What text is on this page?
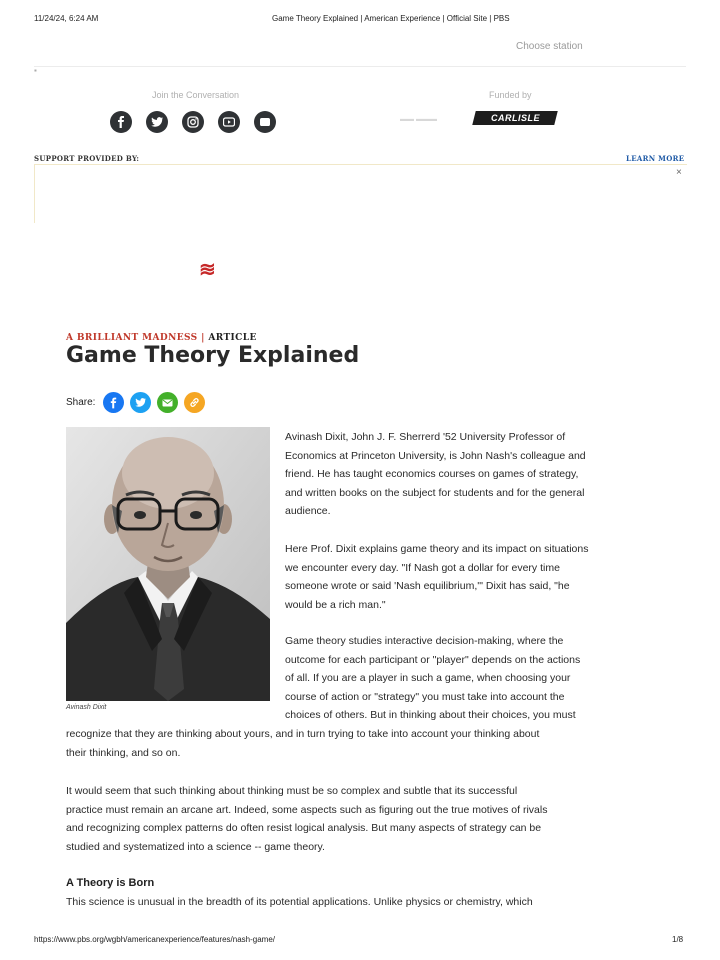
11/24/24, 6:24 AM	Game Theory Explained | American Experience | Official Site | PBS
Choose station
▪
Join the Conversation	Funded by
▬▬ ▬▬▬	CARLISLE
SUPPORT PROVIDED BY:	LEARN MORE
×
≋
A BRILLIANT MADNESS | ARTICLE
Game Theory Explained
Share:
Avinash Dixit

Avinash Dixit, John J. F. Sherrerd '52 University Professor of
Economics at Princeton University, is John Nash's colleague and
friend. He has taught economics courses on games of strategy,
and written books on the subject for students and for the general
audience.

Here Prof. Dixit explains game theory and its impact on situations
we encounter every day. "If Nash got a dollar for every time
someone wrote or said 'Nash equilibrium,'" Dixit has said, "he
would be a rich man."

Game theory studies interactive decision-making, where the
outcome for each participant or "player" depends on the actions
of all. If you are a player in such a game, when choosing your
course of action or "strategy" you must take into account the
choices of others. But in thinking about their choices, you must

recognize that they are thinking about yours, and in turn trying to take into account your thinking about
their thinking, and so on.

It would seem that such thinking about thinking must be so complex and subtle that its successful
practice must remain an arcane art. Indeed, some aspects such as figuring out the true motives of rivals
and recognizing complex patterns do often resist logical analysis. But many aspects of strategy can be
studied and systematized into a science -- game theory.

A Theory is Born

This science is unusual in the breadth of its potential applications. Unlike physics or chemistry, which

https://www.pbs.org/wgbh/americanexperience/features/nash-game/	1/8
